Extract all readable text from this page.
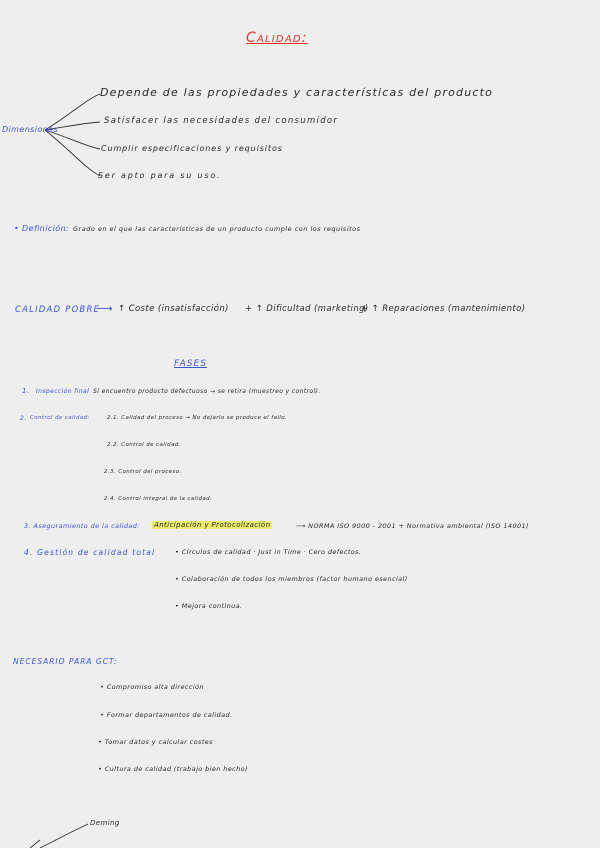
Calidad:
Dimensiones
Depende de las propiedades y características del producto
Satisfacer las necesidades del consumidor
Cumplir especificaciones y requisitos
Ser apto para su uso.
• Definición: Grado en el que las características de un producto cumple con los requisitos
CALIDAD POBRE
⟶ ↑ Coste (insatisfacción) + ↑ Dificultad (marketing)
+ ↑ Reparaciones (mantenimiento)
FASES
1. Inspección final Si encuentro producto defectuoso → se retira (muestreo y control).
2. Control de calidad:	2.1. Calidad del proceso → No dejarlo se produce el fallo.
2.2. Control de calidad.
2.3. Control del proceso.
2.4. Control integral de la calidad.
3. Aseguramiento de la calidad: Anticipación y Protocolización	⟶ NORMA ISO 9000 - 2001 + Normativa ambiental (ISO 14001)
4. Gestión de calidad total	• Círculos de calidad · Just in Time · Cero defectos.
• Colaboración de todos los miembros (factor humano esencial)
• Mejora continua.
NECESARIO PARA GCT:
• Compromiso alta dirección
• Formar departamentos de calidad.
• Tomar datos y calcular costes
• Cultura de calidad (trabajo bien hecho)
Deming
